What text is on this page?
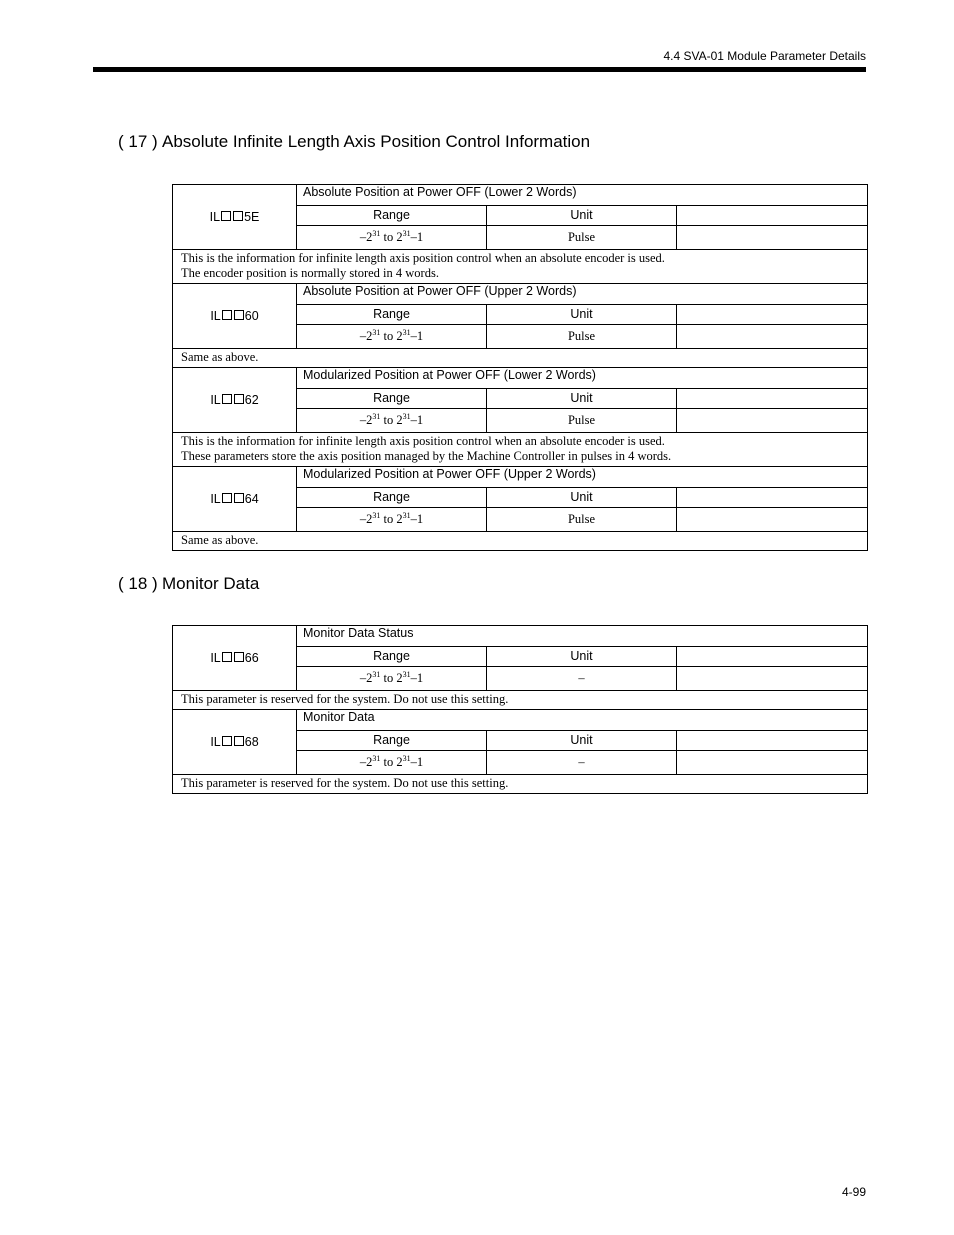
4.4 SVA-01 Module Parameter Details
( 17 ) Absolute Infinite Length Axis Position Control Information
IL 5E	Absolute Position at Power OFF (Lower 2 Words)		
	Range	Unit	
	$-2^{31}$ to $2^{31}-1$	Pulse	

This is the information for infinite length axis position control when an absolute encoder is used.
The encoder position is normally stored in 4 words.			

IL 60	Absolute Position at Power OFF (Upper 2 Words)		
	Range	Unit	
	$-2^{31}$ to $2^{31}-1$	Pulse	

Same as above.			

IL 62	Modularized Position at Power OFF (Lower 2 Words)		
	Range	Unit	
	$-2^{31}$ to $2^{31}-1$	Pulse	

This is the information for infinite length axis position control when an absolute encoder is used.
These parameters store the axis position managed by the Machine Controller in pulses in 4 words.			

IL 64	Modularized Position at Power OFF (Upper 2 Words)		
	Range	Unit	
	$-2^{31}$ to $2^{31}-1$	Pulse	

Same as above.			
( 18 ) Monitor Data
IL 66	Monitor Data Status		
	Range	Unit	
	$-2^{31}$ to $2^{31}-1$	–	

This parameter is reserved for the system. Do not use this setting.			

IL 68	Monitor Data		
	Range	Unit	
	$-2^{31}$ to $2^{31}-1$	–	

This parameter is reserved for the system. Do not use this setting.			
4-99
